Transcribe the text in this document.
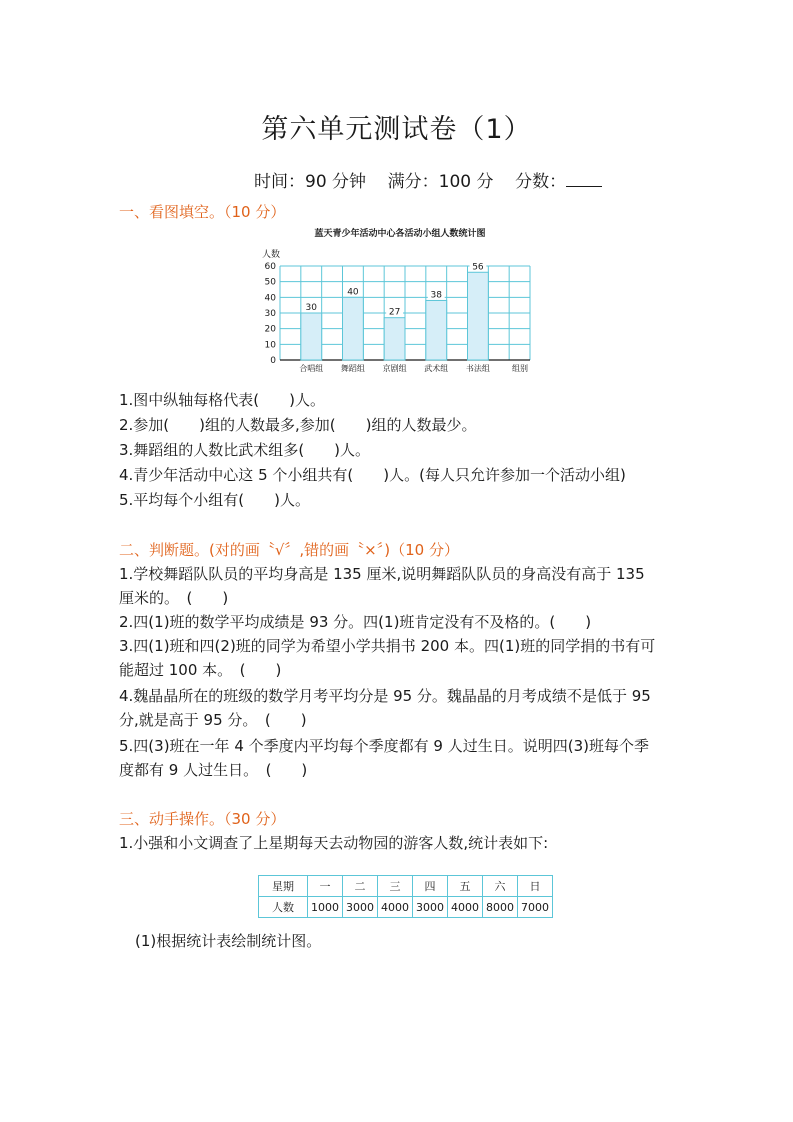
第六单元测试卷（1）
时间：90 分钟 满分：100 分 分数：
一、看图填空。（10 分）
蓝天青少年活动中心各活动小组人数统计图
人数
0
10
20
30
40
50
60
30
合唱组
40
舞蹈组
27
京剧组
38
武术组
56
书法组	组别
1.图中纵轴每格代表(　　)人。
2.参加(　　)组的人数最多,参加(　　)组的人数最少。
3.舞蹈组的人数比武术组多(　　)人。
4.青少年活动中心这 5 个小组共有(　　)人。(每人只允许参加一个活动小组)
5.平均每个小组有(　　)人。
二、判断题。(对的画〝√〞,错的画〝×〞)（10 分）
1.学校舞蹈队队员的平均身高是 135 厘米,说明舞蹈队队员的身高没有高于 135
厘米的。　(　　)
2.四(1)班的数学平均成绩是 93 分。四(1)班肯定没有不及格的。(　　)
3.四(1)班和四(2)班的同学为希望小学共捐书 200 本。四(1)班的同学捐的书有可
能超过 100 本。　(　　)
4.魏晶晶所在的班级的数学月考平均分是 95 分。魏晶晶的月考成绩不是低于 95
分,就是高于 95 分。　(　　)
5.四(3)班在一年 4 个季度内平均每个季度都有 9 人过生日。说明四(3)班每个季
度都有 9 人过生日。　(　　)
三、动手操作。（30 分）
1.小强和小文调查了上星期每天去动物园的游客人数,统计表如下:
星期	一	二	三	四	五	六	日
人数	1000	3000	4000	3000	4000	8000	7000
(1)根据统计表绘制统计图。
